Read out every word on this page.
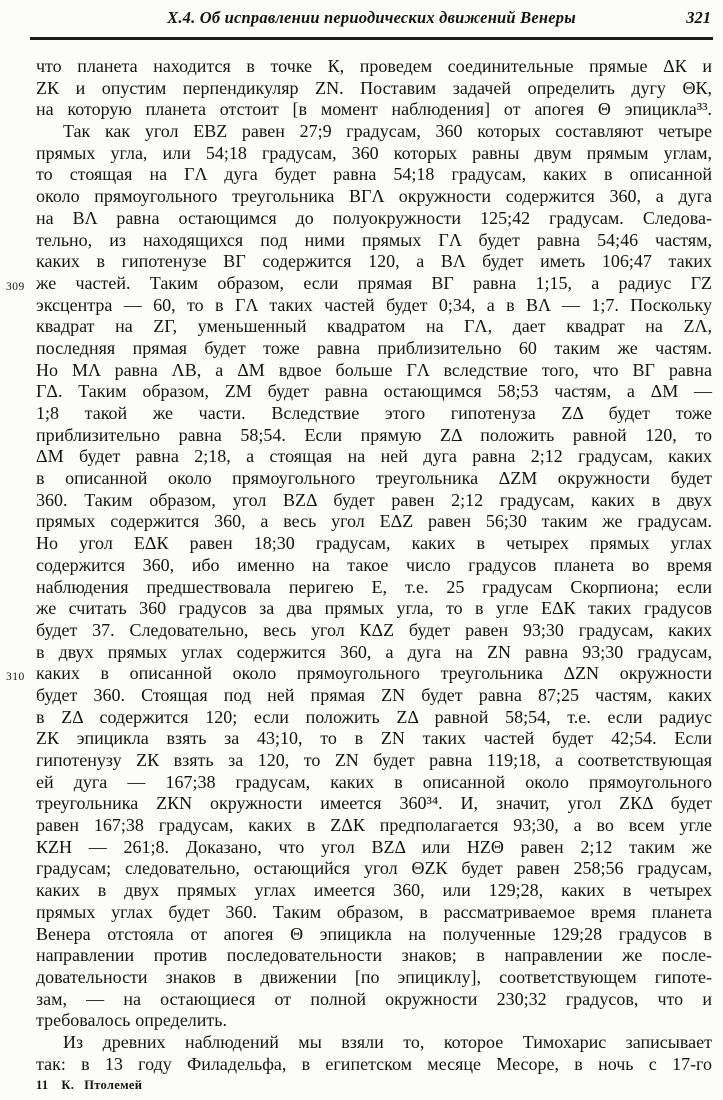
Х.4. Об исправлении периодических движений Венеры	321
что планета находится в точке К, проведем соединительные прямые ΔК и
ZК и опустим перпендикуляр ZN. Поставим задачей определить дугу ΘК,
на которую планета отстоит [в момент наблюдения] от апогея Θ эпицикла³³.
Так как угол ЕВZ равен 27;9 градусам, 360 которых составляют четыре
прямых угла, или 54;18 градусам, 360 которых равны двум прямым углам,
то стоящая на ГΛ дуга будет равна 54;18 градусам, каких в описанной
около прямоугольного треугольника ВГΛ окружности содержится 360, а дуга
на ВΛ равна остающимся до полуокружности 125;42 градусам. Следова-
тельно, из находящихся под ними прямых ГΛ будет равна 54;46 частям,
каких в гипотенузе ВГ содержится 120, а ВΛ будет иметь 106;47 таких
же частей. Таким образом, если прямая ВГ равна 1;15, а радиус ГZ
309
эксцентра — 60, то в ГΛ таких частей будет 0;34, а в ВΛ — 1;7. Поскольку
квадрат на ZГ, уменьшенный квадратом на ГΛ, дает квадрат на ZΛ,
последняя прямая будет тоже равна приблизительно 60 таким же частям.
Но МΛ равна ΛВ, а ΔМ вдвое больше ГΛ вследствие того, что ВГ равна
ГΔ. Таким образом, ZМ будет равна остающимся 58;53 частям, а ΔМ —
1;8 такой же части. Вследствие этого гипотенуза ZΔ будет тоже
приблизительно равна 58;54. Если прямую ZΔ положить равной 120, то
ΔМ будет равна 2;18, а стоящая на ней дуга равна 2;12 градусам, каких
в описанной около прямоугольного треугольника ΔZМ окружности будет
360. Таким образом, угол ВZΔ будет равен 2;12 градусам, каких в двух
прямых содержится 360, а весь угол ЕΔZ равен 56;30 таким же градусам.
Но угол ЕΔК равен 18;30 градусам, каких в четырех прямых углах
содержится 360, ибо именно на такое число градусов планета во время
наблюдения предшествовала перигею Е, т.е. 25 градусам Скорпиона; если
же считать 360 градусов за два прямых угла, то в угле ЕΔК таких градусов
будет 37. Следовательно, весь угол КΔZ будет равен 93;30 градусам, каких
в двух прямых углах содержится 360, а дуга на ZN равна 93;30 градусам,
каких в описанной около прямоугольного треугольника ΔZN окружности
310
будет 360. Стоящая под ней прямая ZN будет равна 87;25 частям, каких
в ZΔ содержится 120; если положить ZΔ равной 58;54, т.е. если радиус
ZК эпицикла взять за 43;10, то в ZN таких частей будет 42;54. Если
гипотенузу ZК взять за 120, то ZN будет равна 119;18, а соответствующая
ей дуга — 167;38 градусам, каких в описанной около прямоугольного
треугольника ZКN окружности имеется 360³⁴. И, значит, угол ZКΔ будет
равен 167;38 градусам, каких в ZΔК предполагается 93;30, а во всем угле
КZН — 261;8. Доказано, что угол ВZΔ или НZΘ равен 2;12 таким же
градусам; следовательно, остающийся угол ΘZК будет равен 258;56 градусам,
каких в двух прямых углах имеется 360, или 129;28, каких в четырех
прямых углах будет 360. Таким образом, в рассматриваемое время планета
Венера отстояла от апогея Θ эпицикла на полученные 129;28 градусов в
направлении против последовательности знаков; в направлении же после-
довательности знаков в движении [по эпициклу], соответствующем гипоте-
зам, — на остающиеся от полной окружности 230;32 градусов, что и
требовалось определить.
Из древних наблюдений мы взяли то, которое Тимохарис записывает
так: в 13 году Филадельфа, в египетском месяце Месоре, в ночь с 17-го
11 К. Птолемей
